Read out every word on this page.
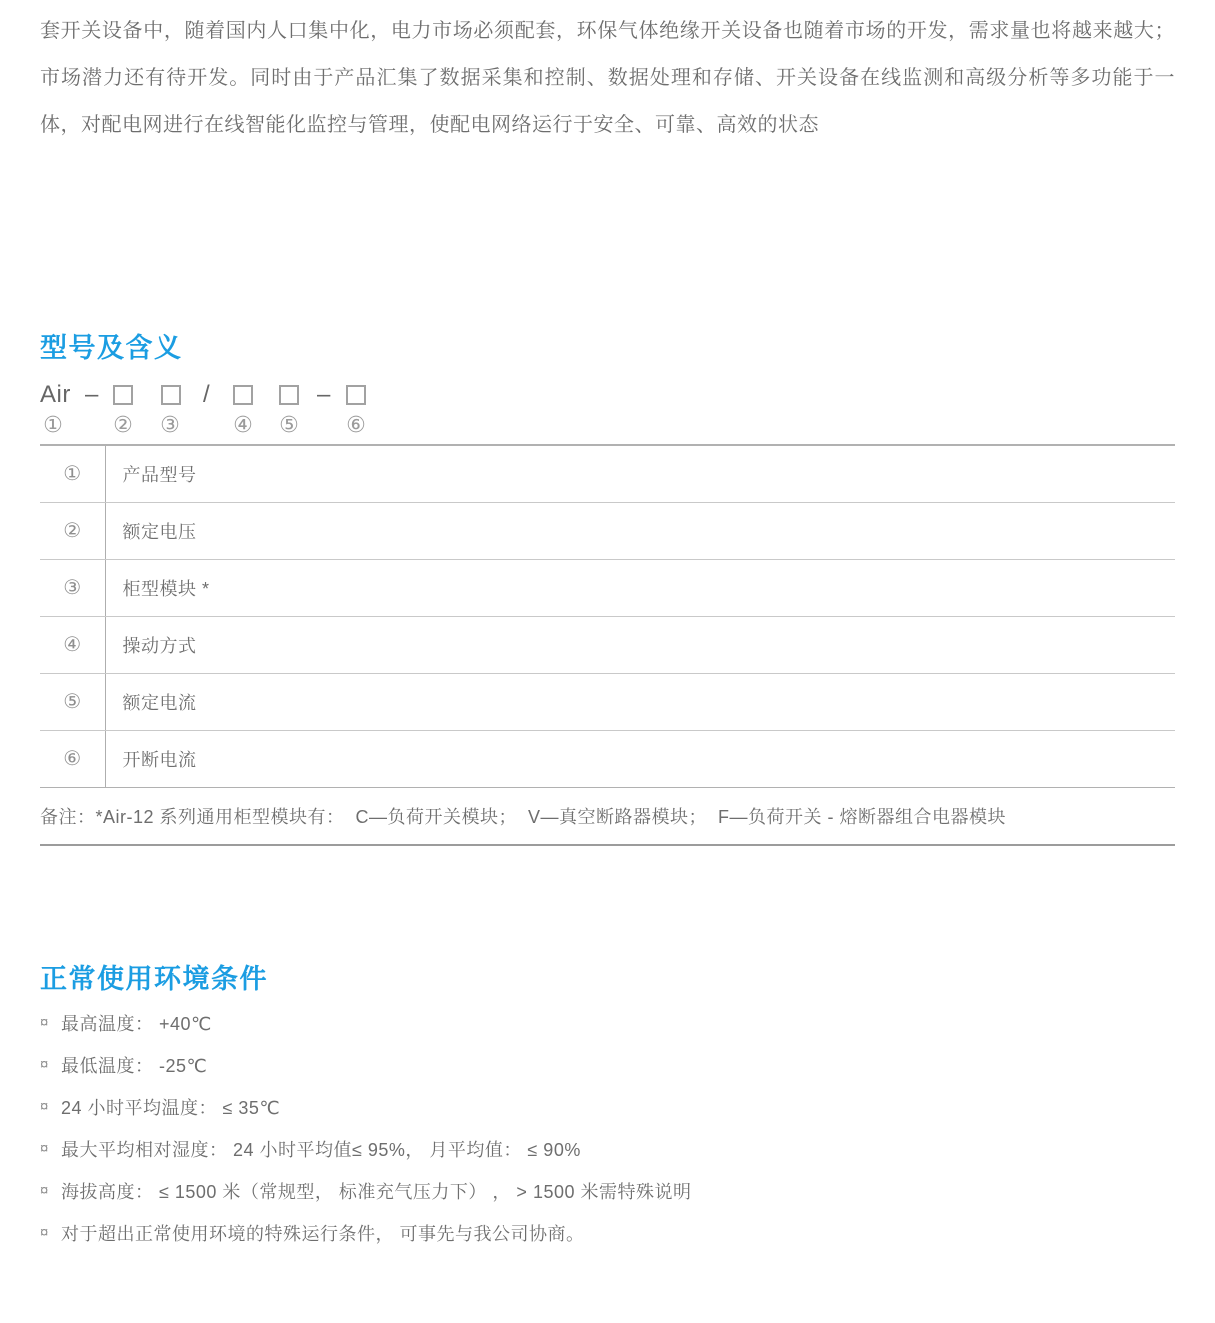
套开关设备中，随着国内人口集中化，电力市场必须配套，环保气体绝缘开关设备也随着市场的开发，需求量也将越来越大；市场潜力还有待开发。同时由于产品汇集了数据采集和控制、数据处理和存储、开关设备在线监测和高级分析等多功能于一体，对配电网进行在线智能化监控与管理，使配电网络运行于安全、可靠、高效的状态

型号及含义
Air –	/	–
① ② ③ ④ ⑤ ⑥
①	产品型号
②	额定电压
③	柜型模块 *
④	操动方式
⑤	额定电流
⑥	开断电流
备注：*Air-12 系列通用柜型模块有：  C—负荷开关模块；  V—真空断路器模块；  F—负荷开关 - 熔断器组合电器模块
正常使用环境条件
¤ 最高温度： +40℃
¤ 最低温度： -25℃
¤ 24 小时平均温度： ≤ 35℃
¤ 最大平均相对湿度： 24 小时平均值≤ 95%， 月平均值： ≤ 90%
¤ 海拔高度： ≤ 1500 米（常规型， 标准充气压力下） ， > 1500 米需特殊说明
¤ 对于超出正常使用环境的特殊运行条件， 可事先与我公司协商。
